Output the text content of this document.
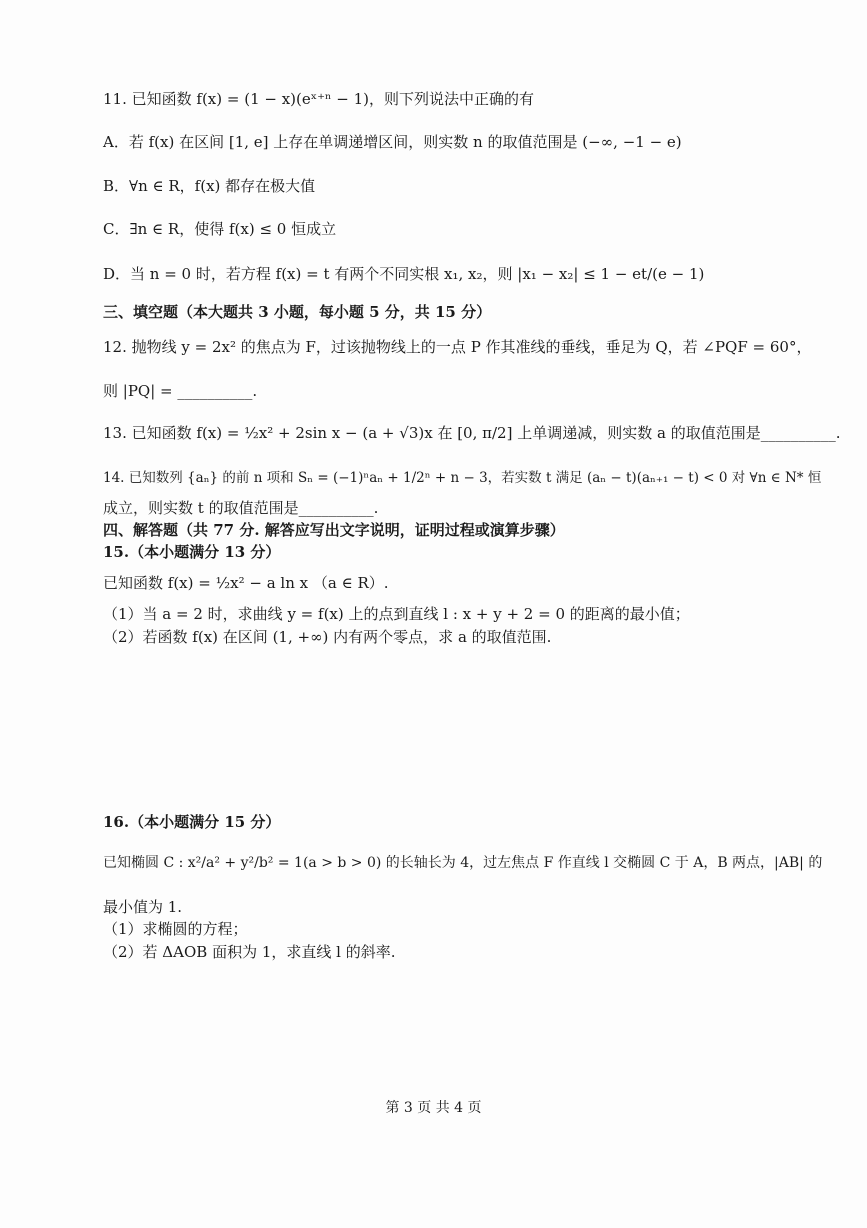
11. 已知函数 f(x) = (1 − x)(eˣ⁺ⁿ − 1)，则下列说法中正确的有
A．若 f(x) 在区间 [1, e] 上存在单调递增区间，则实数 n 的取值范围是 (−∞, −1 − e)
B．∀n ∈ R，f(x) 都存在极大值
C．∃n ∈ R，使得 f(x) ≤ 0 恒成立
D．当 n = 0 时，若方程 f(x) = t 有两个不同实根 x₁, x₂，则 |x₁ − x₂| ≤ 1 − et/(e − 1)
三、填空题（本大题共 3 小题，每小题 5 分，共 15 分）
12. 抛物线 y = 2x² 的焦点为 F，过该抛物线上的一点 P 作其准线的垂线，垂足为 Q，若 ∠PQF = 60°，
则 |PQ| = __________.
13. 已知函数 f(x) = ½x² + 2sin x − (a + √3)x 在 [0, π/2] 上单调递减，则实数 a 的取值范围是__________.
14. 已知数列 {aₙ} 的前 n 项和 Sₙ = (−1)ⁿaₙ + 1/2ⁿ + n − 3，若实数 t 满足 (aₙ − t)(aₙ₊₁ − t) < 0 对 ∀n ∈ N* 恒
成立，则实数 t 的取值范围是__________.
四、解答题（共 77 分. 解答应写出文字说明，证明过程或演算步骤）
15.（本小题满分 13 分）
已知函数 f(x) = ½x² − a ln x （a ∈ R）.
（1）当 a = 2 时，求曲线 y = f(x) 上的点到直线 l : x + y + 2 = 0 的距离的最小值；
（2）若函数 f(x) 在区间 (1, +∞) 内有两个零点，求 a 的取值范围.
16.（本小题满分 15 分）
已知椭圆 C : x²/a² + y²/b² = 1(a > b > 0) 的长轴长为 4，过左焦点 F 作直线 l 交椭圆 C 于 A，B 两点，|AB| 的
最小值为 1.
（1）求椭圆的方程；
（2）若 ΔAOB 面积为 1，求直线 l 的斜率.
第 3 页 共 4 页
